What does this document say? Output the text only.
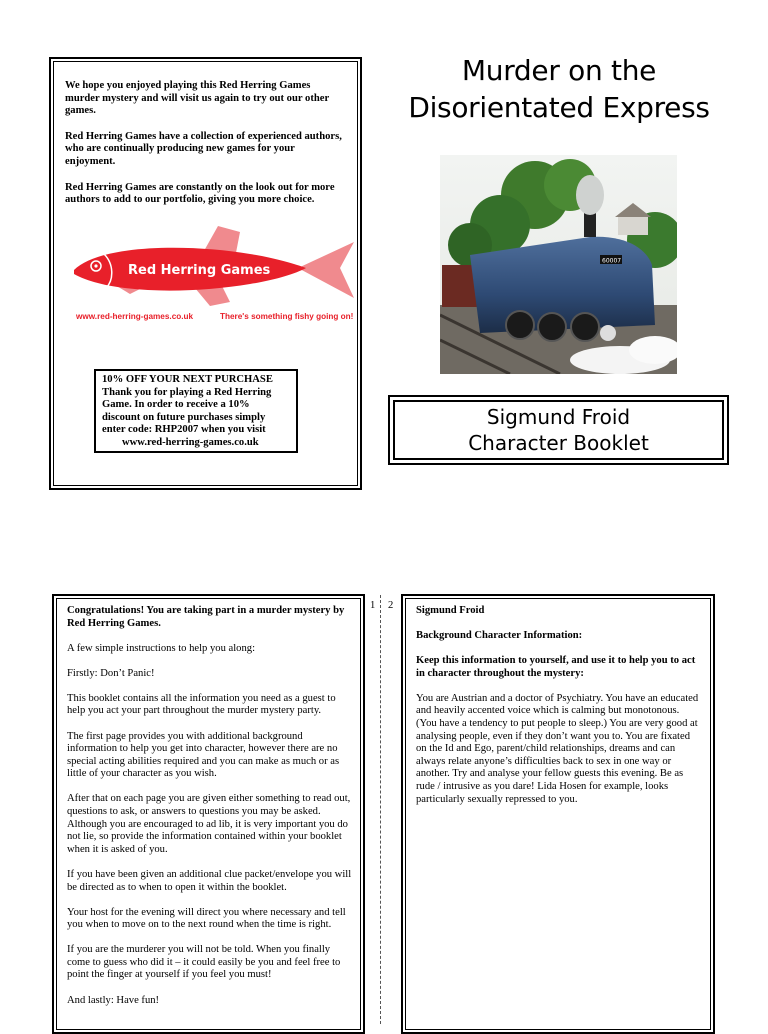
We hope you enjoyed playing this Red Herring Games murder mystery and will visit us again to try out our other games.

Red Herring Games have a collection of experienced authors, who are continually producing new games for your enjoyment.

Red Herring Games are constantly on the look out for more authors to add to our portfolio, giving you more choice.

Red Herring Games
www.red-herring-games.co.uk	There's something fishy going on!
10% OFF YOUR NEXT PURCHASE
Thank you for playing a Red Herring Game. In order to receive a 10% discount on future purchases simply enter code: RHP2007 when you visit
www.red-herring-games.co.uk
Murder on the
Disorientated Express
60007
Sigmund Froid
Character Booklet
1 2

Congratulations! You are taking part in a murder mystery by Red Herring Games.

A few simple instructions to help you along:

Firstly: Don’t Panic!

This booklet contains all the information you need as a guest to help you act your part throughout the murder mystery party.

The first page provides you with additional background information to help you get into character, however there are no special acting abilities required and you can make as much or as little of your character as you wish.

After that on each page you are given either something to read out, questions to ask, or answers to questions you may be asked. Although you are encouraged to ad lib, it is very important you do not lie, so provide the information contained within your booklet when it is asked of you.

If you have been given an additional clue packet/envelope you will be directed as to when to open it within the booklet.

Your host for the evening will direct you where necessary and tell you when to move on to the next round when the time is right.

If you are the murderer you will not be told. When you finally come to guess who did it – it could easily be you and feel free to point the finger at yourself if you feel you must!

And lastly: Have fun!

Sigmund Froid

Background Character Information:

Keep this information to yourself, and use it to help you to act in character throughout the mystery:

You are Austrian and a doctor of Psychiatry. You have an educated and heavily accented voice which is calming but monotonous. (You have a tendency to put people to sleep.) You are very good at analysing people, even if they don’t want you to. You are fixated on the Id and Ego, parent/child relationships, dreams and can always relate anyone’s difficulties back to sex in one way or another. Try and analyse your fellow guests this evening. Be as rude / intrusive as you dare! Lida Hosen for example, looks particularly sexually repressed to you.
